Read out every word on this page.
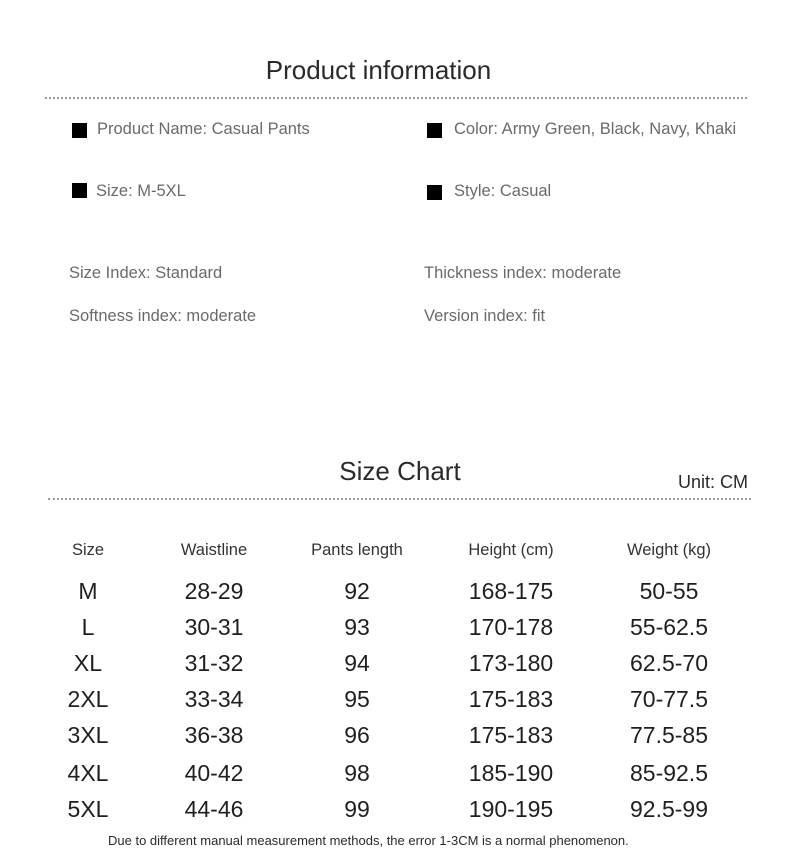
Product information
Product Name: Casual Pants	Color: Army Green, Black, Navy, Khaki
Size: M-5XL	Style: Casual
Size Index: Standard	Thickness index: moderate
Softness index: moderate	Version index: fit
Size Chart	Unit: CM
Size	Waistline	Pants length	Height (cm)	Weight (kg)
M	28-29	92	168-175	50-55
L	30-31	93	170-178	55-62.5
XL	31-32	94	173-180	62.5-70
2XL	33-34	95	175-183	70-77.5
3XL	36-38	96	175-183	77.5-85
4XL	40-42	98	185-190	85-92.5
5XL	44-46	99	190-195	92.5-99
Due to different manual measurement methods, the error 1-3CM is a normal phenomenon.
